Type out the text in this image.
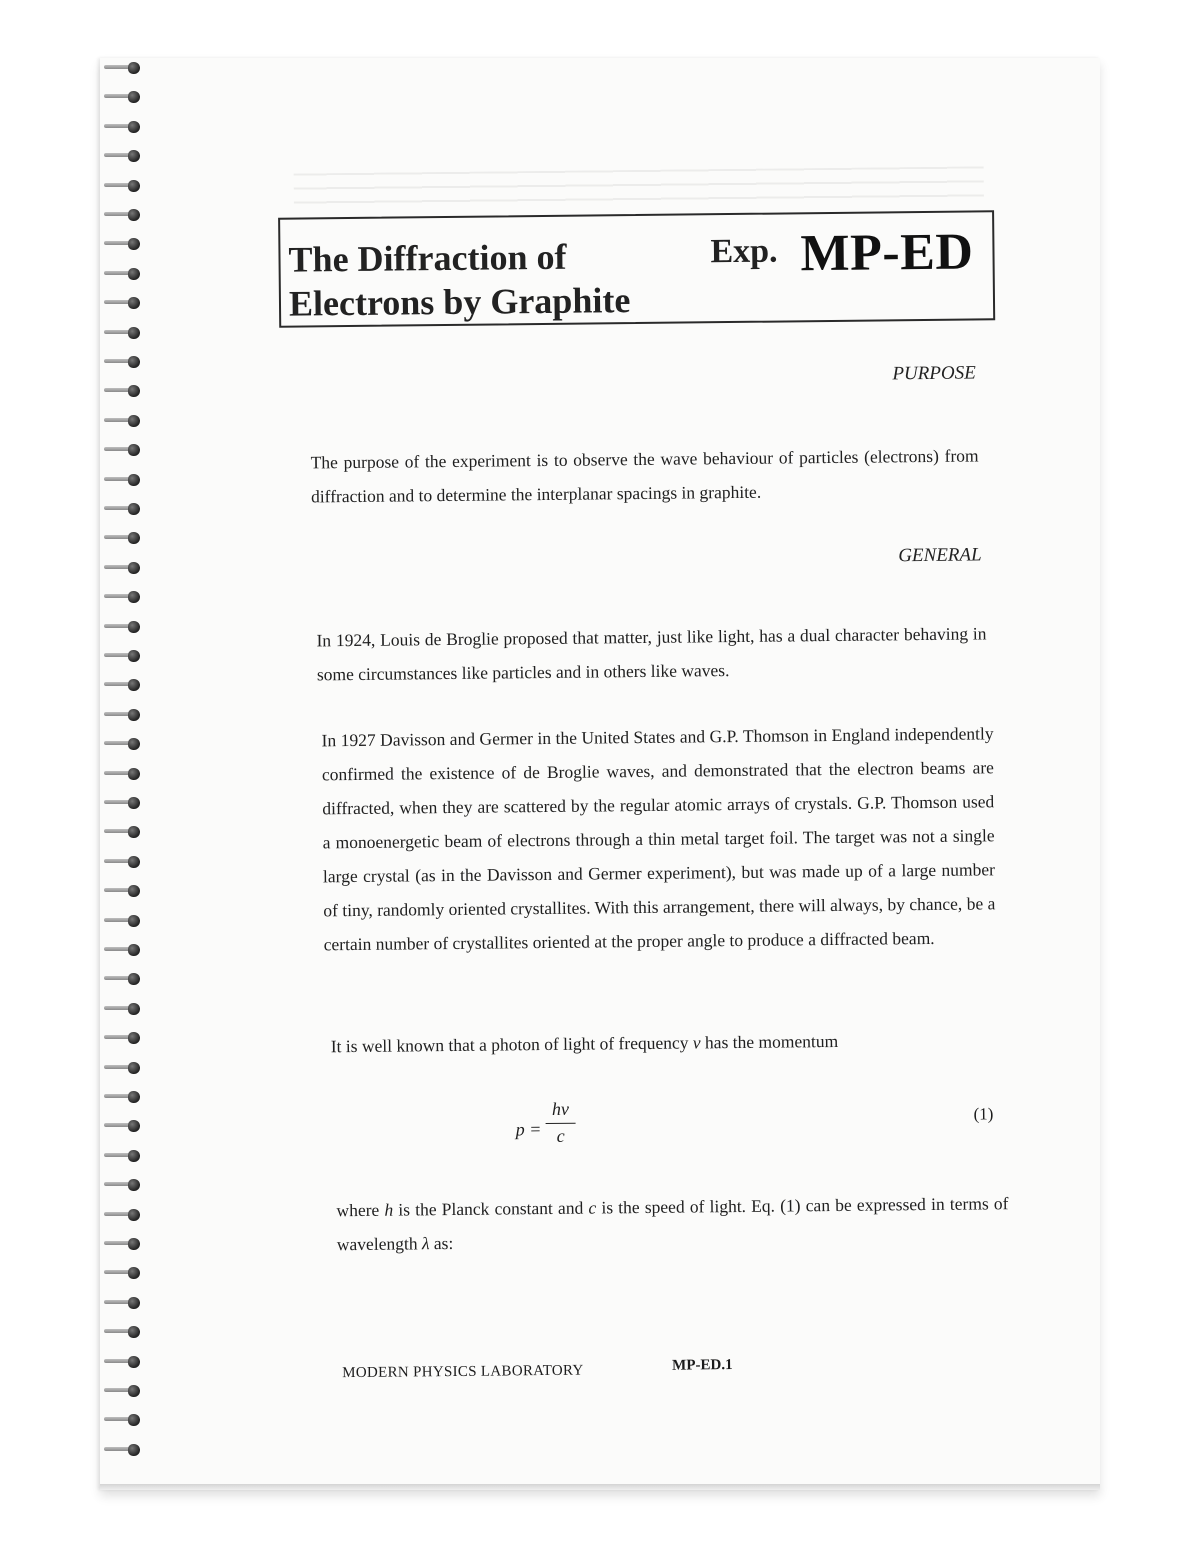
The Diffraction of
Electrons by Graphite
Exp. MP-ED
PURPOSE
The purpose of the experiment is to observe the wave behaviour of particles (electrons) from diffraction and to determine the interplanar spacings in graphite.
GENERAL
In 1924, Louis de Broglie proposed that matter, just like light, has a dual character behaving in some circumstances like particles and in others like waves.
In 1927 Davisson and Germer in the United States and G.P. Thomson in England independently confirmed the existence of de Broglie waves, and demonstrated that the electron beams are diffracted, when they are scattered by the regular atomic arrays of crystals. G.P. Thomson used a monoenergetic beam of electrons through a thin metal target foil. The target was not a single large crystal (as in the Davisson and Germer experiment), but was made up of a large number of tiny, randomly oriented crystallites. With this arrangement, there will always, by chance, be a certain number of crystallites oriented at the proper angle to produce a diffracted beam.
It is well known that a photon of light of frequency ν has the momentum
p =
hν
c
(1)
where h is the Planck constant and c is the speed of light. Eq. (1) can be expressed in terms of wavelength λ as:
MODERN PHYSICS LABORATORY	MP-ED.1
